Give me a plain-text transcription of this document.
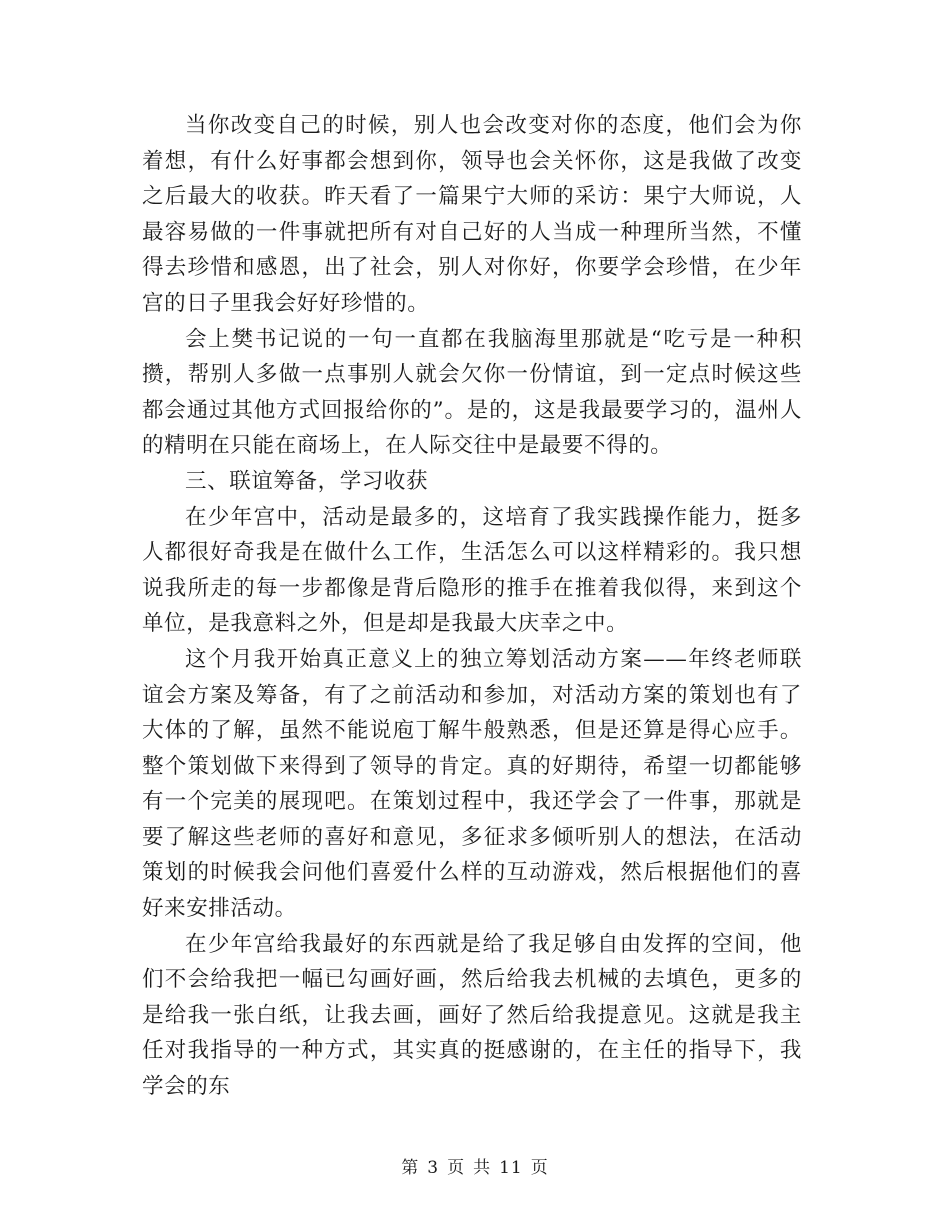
当你改变自己的时候，别人也会改变对你的态度，他们会为你着想，有什么好事都会想到你，领导也会关怀你，这是我做了改变之后最大的收获。昨天看了一篇果宁大师的采访：果宁大师说，人最容易做的一件事就把所有对自己好的人当成一种理所当然，不懂得去珍惜和感恩，出了社会，别人对你好，你要学会珍惜，在少年宫的日子里我会好好珍惜的。

会上樊书记说的一句一直都在我脑海里那就是“吃亏是一种积攒，帮别人多做一点事别人就会欠你一份情谊，到一定点时候这些都会通过其他方式回报给你的”。是的，这是我最要学习的，温州人的精明在只能在商场上，在人际交往中是最要不得的。

三、联谊筹备，学习收获

在少年宫中，活动是最多的，这培育了我实践操作能力，挺多人都很好奇我是在做什么工作，生活怎么可以这样精彩的。我只想说我所走的每一步都像是背后隐形的推手在推着我似得，来到这个单位，是我意料之外，但是却是我最大庆幸之中。

这个月我开始真正意义上的独立筹划活动方案——年终老师联谊会方案及筹备，有了之前活动和参加，对活动方案的策划也有了大体的了解，虽然不能说庖丁解牛般熟悉，但是还算是得心应手。整个策划做下来得到了领导的肯定。真的好期待，希望一切都能够有一个完美的展现吧。在策划过程中，我还学会了一件事，那就是要了解这些老师的喜好和意见，多征求多倾听别人的想法，在活动策划的时候我会问他们喜爱什么样的互动游戏，然后根据他们的喜好来安排活动。

在少年宫给我最好的东西就是给了我足够自由发挥的空间，他们不会给我把一幅已勾画好画，然后给我去机械的去填色，更多的是给我一张白纸，让我去画，画好了然后给我提意见。这就是我主任对我指导的一种方式，其实真的挺感谢的，在主任的指导下，我学会的东

第 3 页 共 11 页
